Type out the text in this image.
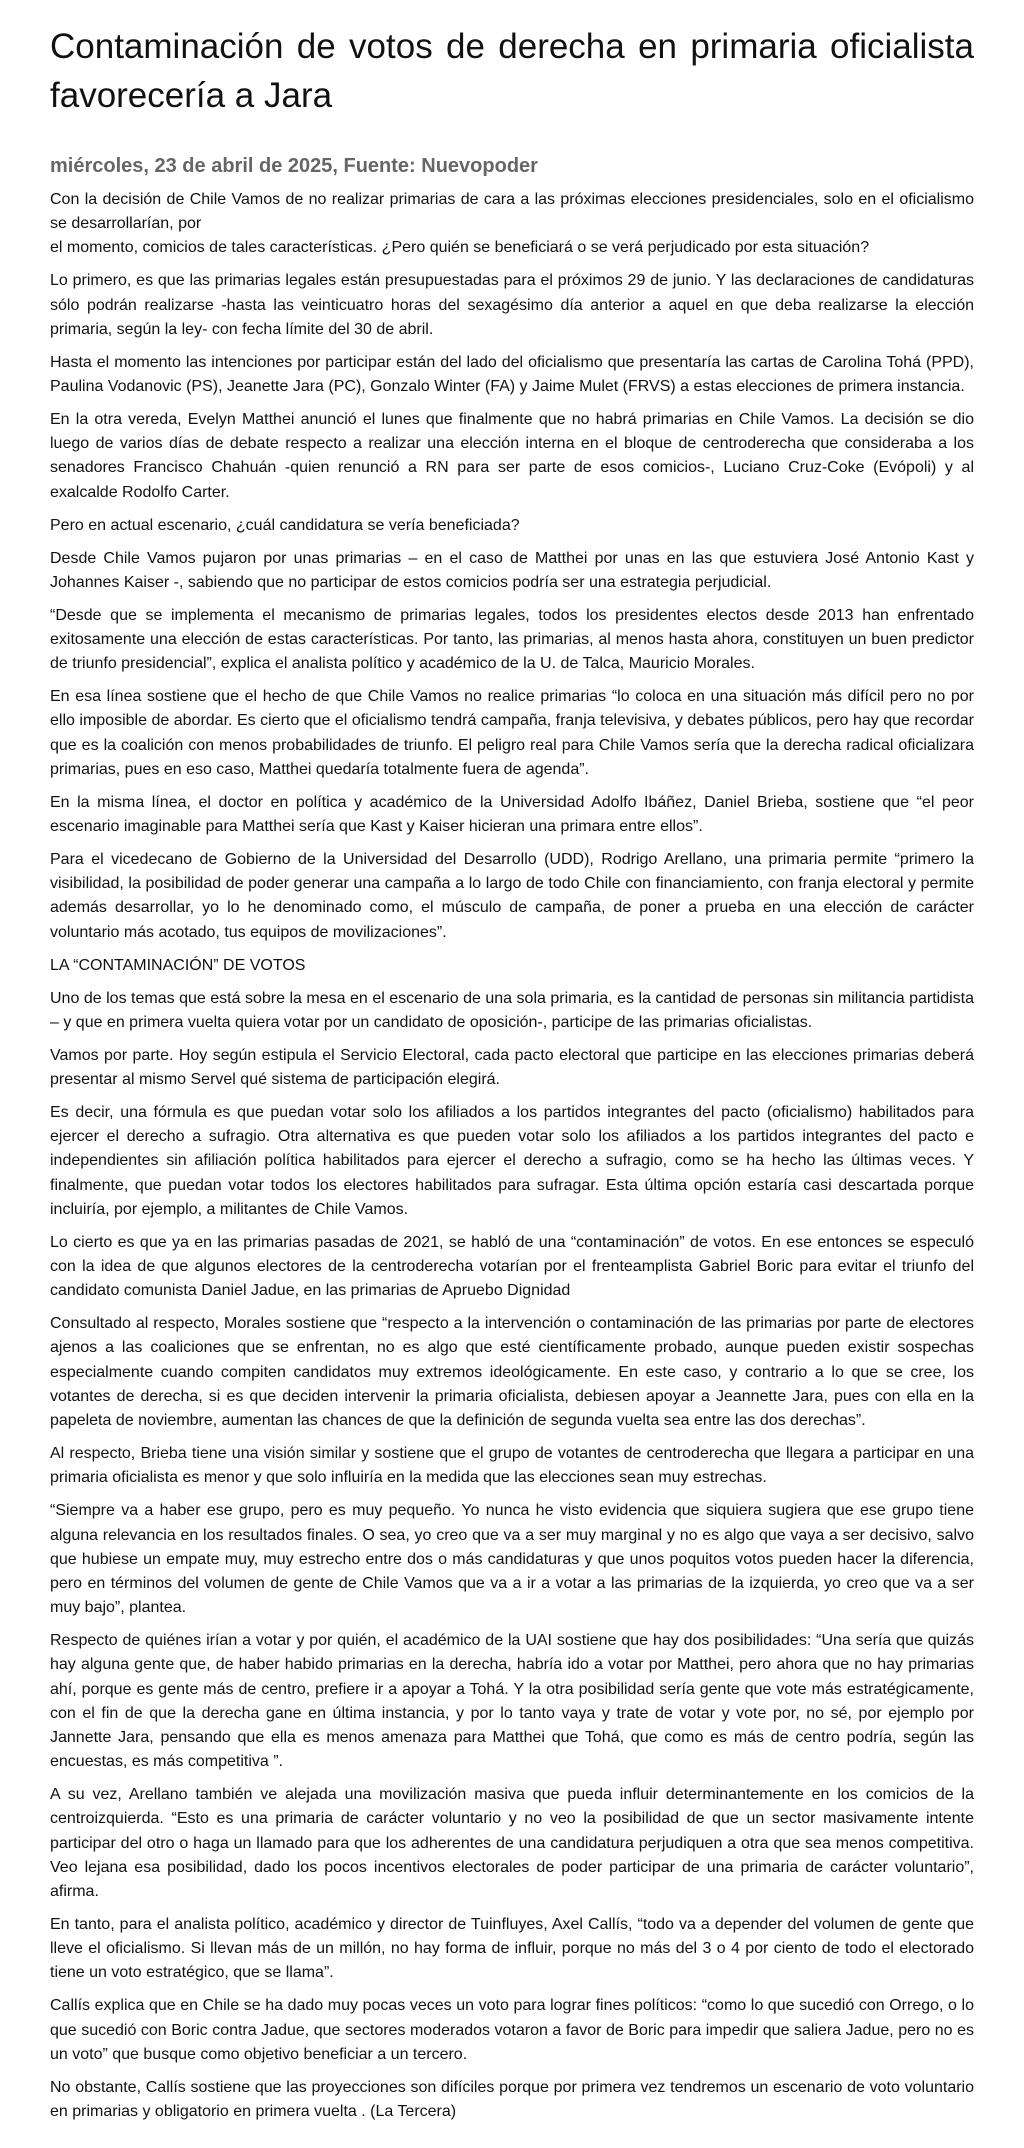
Contaminación de votos de derecha en primaria oficialista favorecería a Jara
miércoles, 23 de abril de 2025, Fuente: Nuevopoder

Con la decisión de Chile Vamos de no realizar primarias de cara a las próximas elecciones presidenciales, solo en el oficialismo se desarrollarían, por
el momento, comicios de tales características. ¿Pero quién se beneficiará o se verá perjudicado por esta situación?

Lo primero, es que las primarias legales están presupuestadas para el próximos 29 de junio. Y las declaraciones de candidaturas sólo podrán realizarse -hasta las veinticuatro horas del sexagésimo día anterior a aquel en que deba realizarse la elección primaria, según la ley- con fecha límite del 30 de abril.

Hasta el momento las intenciones por participar están del lado del oficialismo que presentaría las cartas de Carolina Tohá (PPD), Paulina Vodanovic (PS), Jeanette Jara (PC), Gonzalo Winter (FA) y Jaime Mulet (FRVS) a estas elecciones de primera instancia.

En la otra vereda, Evelyn Matthei anunció el lunes que finalmente que no habrá primarias en Chile Vamos. La decisión se dio luego de varios días de debate respecto a realizar una elección interna en el bloque de centroderecha que consideraba a los senadores Francisco Chahuán -quien renunció a RN para ser parte de esos comicios-, Luciano Cruz-Coke (Evópoli) y al exalcalde Rodolfo Carter.

Pero en actual escenario, ¿cuál candidatura se vería beneficiada?

Desde Chile Vamos pujaron por unas primarias – en el caso de Matthei por unas en las que estuviera José Antonio Kast y Johannes Kaiser -, sabiendo que no participar de estos comicios podría ser una estrategia perjudicial.

“Desde que se implementa el mecanismo de primarias legales, todos los presidentes electos desde 2013 han enfrentado exitosamente una elección de estas características. Por tanto, las primarias, al menos hasta ahora, constituyen un buen predictor de triunfo presidencial”, explica el analista político y académico de la U. de Talca, Mauricio Morales.

En esa línea sostiene que el hecho de que Chile Vamos no realice primarias “lo coloca en una situación más difícil pero no por ello imposible de abordar. Es cierto que el oficialismo tendrá campaña, franja televisiva, y debates públicos, pero hay que recordar que es la coalición con menos probabilidades de triunfo. El peligro real para Chile Vamos sería que la derecha radical oficializara primarias, pues en eso caso, Matthei quedaría totalmente fuera de agenda”.

En la misma línea, el doctor en política y académico de la Universidad Adolfo Ibáñez, Daniel Brieba, sostiene que “el peor escenario imaginable para Matthei sería que Kast y Kaiser hicieran una primara entre ellos”.

Para el vicedecano de Gobierno de la Universidad del Desarrollo (UDD), Rodrigo Arellano, una primaria permite “primero la visibilidad, la posibilidad de poder generar una campaña a lo largo de todo Chile con financiamiento, con franja electoral y permite además desarrollar, yo lo he denominado como, el músculo de campaña, de poner a prueba en una elección de carácter voluntario más acotado, tus equipos de movilizaciones”.

LA “CONTAMINACIÓN” DE VOTOS

Uno de los temas que está sobre la mesa en el escenario de una sola primaria, es la cantidad de personas sin militancia partidista – y que en primera vuelta quiera votar por un candidato de oposición-, participe de las primarias oficialistas.

Vamos por parte. Hoy según estipula el Servicio Electoral, cada pacto electoral que participe en las elecciones primarias deberá presentar al mismo Servel qué sistema de participación elegirá.

Es decir, una fórmula es que puedan votar solo los afiliados a los partidos integrantes del pacto (oficialismo) habilitados para ejercer el derecho a sufragio. Otra alternativa es que pueden votar solo los afiliados a los partidos integrantes del pacto e independientes sin afiliación política habilitados para ejercer el derecho a sufragio, como se ha hecho las últimas veces. Y finalmente, que puedan votar todos los electores habilitados para sufragar. Esta última opción estaría casi descartada porque incluiría, por ejemplo, a militantes de Chile Vamos.

Lo cierto es que ya en las primarias pasadas de 2021, se habló de una “contaminación” de votos. En ese entonces se especuló con la idea de que algunos electores de la centroderecha votarían por el frenteamplista Gabriel Boric para evitar el triunfo del candidato comunista Daniel Jadue, en las primarias de Apruebo Dignidad

Consultado al respecto, Morales sostiene que “respecto a la intervención o contaminación de las primarias por parte de electores ajenos a las coaliciones que se enfrentan, no es algo que esté científicamente probado, aunque pueden existir sospechas especialmente cuando compiten candidatos muy extremos ideológicamente. En este caso, y contrario a lo que se cree, los votantes de derecha, si es que deciden intervenir la primaria oficialista, debiesen apoyar a Jeannette Jara, pues con ella en la papeleta de noviembre, aumentan las chances de que la definición de segunda vuelta sea entre las dos derechas”.

Al respecto, Brieba tiene una visión similar y sostiene que el grupo de votantes de centroderecha que llegara a participar en una primaria oficialista es menor y que solo influiría en la medida que las elecciones sean muy estrechas.

“Siempre va a haber ese grupo, pero es muy pequeño. Yo nunca he visto evidencia que siquiera sugiera que ese grupo tiene alguna relevancia en los resultados finales. O sea, yo creo que va a ser muy marginal y no es algo que vaya a ser decisivo, salvo que hubiese un empate muy, muy estrecho entre dos o más candidaturas y que unos poquitos votos pueden hacer la diferencia, pero en términos del volumen de gente de Chile Vamos que va a ir a votar a las primarias de la izquierda, yo creo que va a ser muy bajo”, plantea.

Respecto de quiénes irían a votar y por quién, el académico de la UAI sostiene que hay dos posibilidades: “Una sería que quizás hay alguna gente que, de haber habido primarias en la derecha, habría ido a votar por Matthei, pero ahora que no hay primarias ahí, porque es gente más de centro, prefiere ir a apoyar a Tohá. Y la otra posibilidad sería gente que vote más estratégicamente, con el fin de que la derecha gane en última instancia, y por lo tanto vaya y trate de votar y vote por, no sé, por ejemplo por Jannette Jara, pensando que ella es menos amenaza para Matthei que Tohá, que como es más de centro podría, según las encuestas, es más competitiva ”.

A su vez, Arellano también ve alejada una movilización masiva que pueda influir determinantemente en los comicios de la centroizquierda. “Esto es una primaria de carácter voluntario y no veo la posibilidad de que un sector masivamente intente participar del otro o haga un llamado para que los adherentes de una candidatura perjudiquen a otra que sea menos competitiva. Veo lejana esa posibilidad, dado los pocos incentivos electorales de poder participar de una primaria de carácter voluntario”, afirma.

En tanto, para el analista político, académico y director de Tuinfluyes, Axel Callís, “todo va a depender del volumen de gente que lleve el oficialismo. Si llevan más de un millón, no hay forma de influir, porque no más del 3 o 4 por ciento de todo el electorado tiene un voto estratégico, que se llama”.

Callís explica que en Chile se ha dado muy pocas veces un voto para lograr fines políticos: “como lo que sucedió con Orrego, o lo que sucedió con Boric contra Jadue, que sectores moderados votaron a favor de Boric para impedir que saliera Jadue, pero no es un voto” que busque como objetivo beneficiar a un tercero.

No obstante, Callís sostiene que las proyecciones son difíciles porque por primera vez tendremos un escenario de voto voluntario en primarias y obligatorio en primera vuelta . (La Tercera)
